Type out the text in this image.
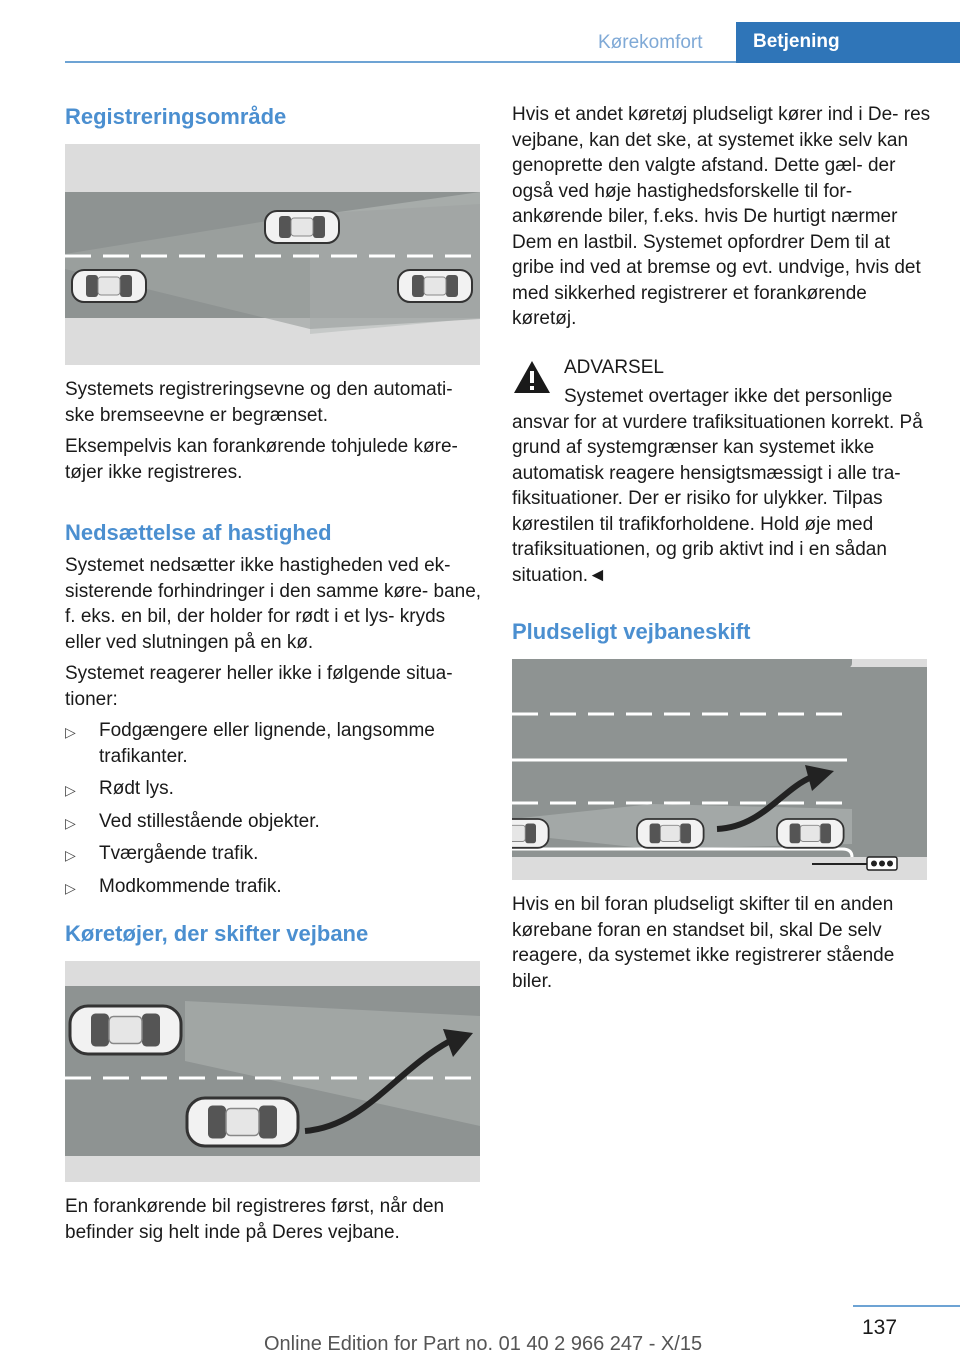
Kørekomfort	Betjening
Registreringsområde

Systemets registreringsevne og den automati- ske bremseevne er begrænset.

Eksempelvis kan forankørende tohjulede køre- tøjer ikke registreres.

Nedsættelse af hastighed

Systemet nedsætter ikke hastigheden ved ek- sisterende forhindringer i den samme køre- bane, f. eks. en bil, der holder for rødt i et lys- kryds eller ved slutningen på en kø.

Systemet reagerer heller ikke i følgende situa- tioner:

▷ Fodgængere eller lignende, langsomme trafikanter.
▷ Rødt lys.
▷ Ved stillestående objekter.
▷ Tværgående trafik.
▷ Modkommende trafik.
Køretøjer, der skifter vejbane

En forankørende bil registreres først, når den befinder sig helt inde på Deres vejbane.

Hvis et andet køretøj pludseligt kører ind i De- res vejbane, kan det ske, at systemet ikke selv kan genoprette den valgte afstand. Dette gæl- der også ved høje hastighedsforskelle til for- ankørende biler, f.eks. hvis De hurtigt nærmer Dem en lastbil. Systemet opfordrer Dem til at gribe ind ved at bremse og evt. undvige, hvis det med sikkerhed registrerer et forankørende køretøj.

ADVARSEL

Systemet overtager ikke det personlige ansvar for at vurdere trafiksituationen korrekt. På grund af systemgrænser kan systemet ikke automatisk reagere hensigtsmæssigt i alle tra- fiksituationer. Der er risiko for ulykker. Tilpas kørestilen til trafikforholdene. Hold øje med trafiksituationen, og grib aktivt ind i en sådan situation.◄

Pludseligt vejbaneskift

Hvis en bil foran pludseligt skifter til en anden kørebane foran en standset bil, skal De selv reagere, da systemet ikke registrerer stående biler.

137
Online Edition for Part no. 01 40 2 966 247 - X/15
